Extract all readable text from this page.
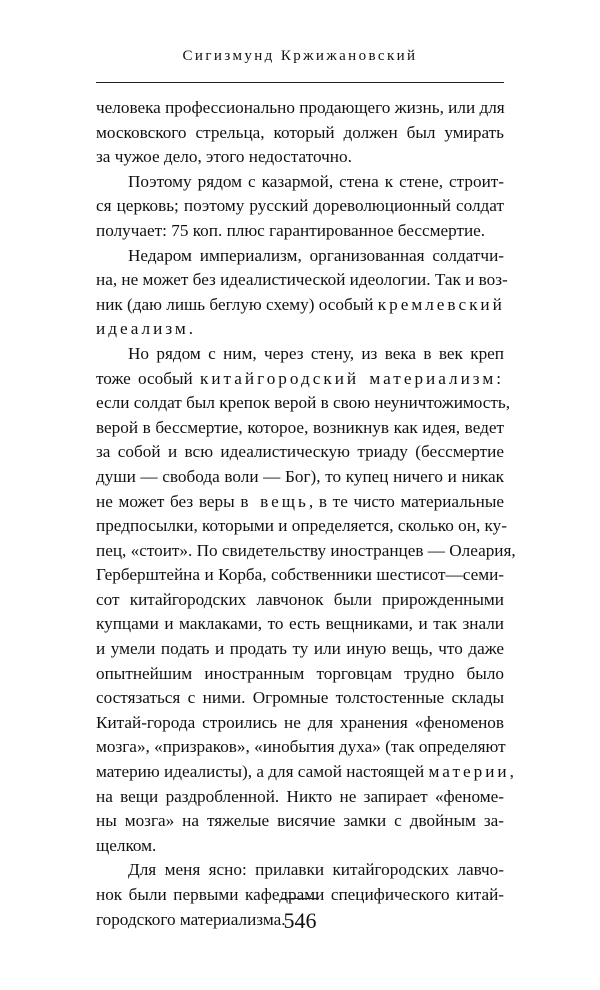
Сигизмунд Кржижановский

человека профессионально продающего жизнь, или для
московского стрельца, который должен был умирать
за чужое дело, этого недостаточно.

Поэтому рядом с казармой, стена к стене, строит-
ся церковь; поэтому русский дореволюционный солдат
получает: 75 коп. плюс гарантированное бессмертие.

Недаром империализм, организованная солдатчи-
на, не может без идеалистической идеологии. Так и воз-
ник (даю лишь беглую схему) особый кремлевский
идеализм.

Но рядом с ним, через стену, из века в век креп
тоже особый китайгородский материализм:
если солдат был крепок верой в свою неуничтожимость,
верой в бессмертие, которое, возникнув как идея, ведет
за собой и всю идеалистическую триаду (бессмертие
души — свобода воли — Бог), то купец ничего и никак
не может без веры в вещь, в те чисто материальные
предпосылки, которыми и определяется, сколько он, ку-
пец, «стоит». По свидетельству иностранцев — Олеария,
Герберштейна и Корба, собственники шестисот—семи-
сот китайгородских лавчонок были прирожденными
купцами и маклаками, то есть вещниками, и так знали
и умели подать и продать ту или иную вещь, что даже
опытнейшим иностранным торговцам трудно было
состязаться с ними. Огромные толстостенные склады
Китай-города строились не для хранения «феноменов
мозга», «призраков», «инобытия духа» (так определяют
материю идеалисты), а для самой настоящей материи,
на вещи раздробленной. Никто не запирает «феноме-
ны мозга» на тяжелые висячие замки с двойным за-
щелком.

Для меня ясно: прилавки китайгородских лавчо-
нок были первыми кафедрами специфического китай-
городского материализма.

546
